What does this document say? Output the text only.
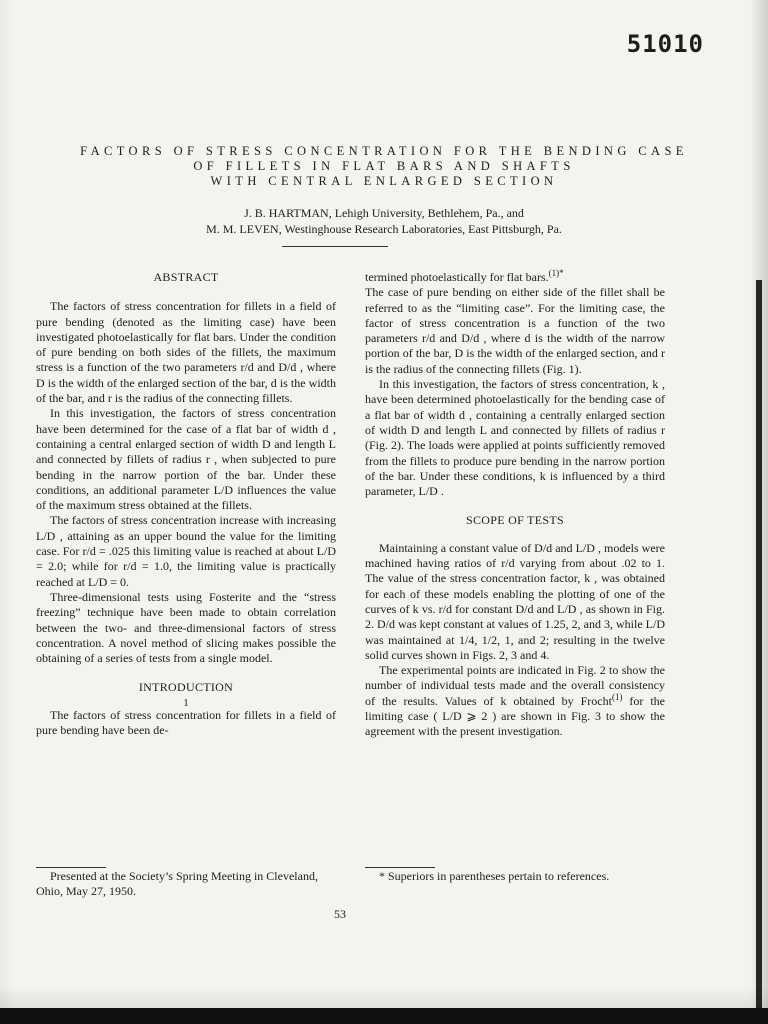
51010
FACTORS OF STRESS CONCENTRATION FOR THE BENDING CASE
OF FILLETS IN FLAT BARS AND SHAFTS
WITH CENTRAL ENLARGED SECTION
J. B. HARTMAN, Lehigh University, Bethlehem, Pa., and
M. M. LEVEN, Westinghouse Research Laboratories, East Pittsburgh, Pa.
ABSTRACT

The factors of stress concentration for fillets in a field of pure bending (denoted as the limiting case) have been investigated photoelastically for flat bars. Under the condition of pure bending on both sides of the fillets, the maximum stress is a function of the two parameters r/d and D/d , where D is the width of the enlarged section of the bar, d is the width of the bar, and r is the radius of the connecting fillets.

In this investigation, the factors of stress concentration have been determined for the case of a flat bar of width d , containing a central enlarged section of width D and length L and connected by fillets of radius r , when subjected to pure bending in the narrow portion of the bar. Under these conditions, an additional parameter L/D influences the value of the maximum stress obtained at the fillets.

The factors of stress concentration increase with increasing L/D , attaining as an upper bound the value for the limiting case. For r/d = .025 this limiting value is reached at about L/D = 2.0; while for r/d = 1.0, the limiting value is practically reached at L/D = 0.

Three-dimensional tests using Fosterite and the “stress freezing” technique have been made to obtain correlation between the two- and three-dimensional factors of stress concentration. A novel method of slicing makes possible the obtaining of a series of tests from a single model.

INTRODUCTION
1

The factors of stress concentration for fillets in a field of pure bending have been de-

termined photoelastically for flat bars.$^{(1)*}$

The case of pure bending on either side of the fillet shall be referred to as the “limiting case”. For the limiting case, the factor of stress concentration is a function of the two parameters r/d and D/d , where d is the width of the narrow portion of the bar, D is the width of the enlarged section, and r is the radius of the connecting fillets (Fig. 1).

In this investigation, the factors of stress concentration, k , have been determined photoelastically for the bending case of a flat bar of width d , containing a centrally enlarged section of width D and length L and connected by fillets of radius r (Fig. 2). The loads were applied at points sufficiently removed from the fillets to produce pure bending in the narrow portion of the bar. Under these conditions, k is influenced by a third parameter, L/D .

SCOPE OF TESTS

Maintaining a constant value of D/d and L/D , models were machined having ratios of r/d varying from about .02 to 1. The value of the stress concentration factor, k , was obtained for each of these models enabling the plotting of one of the curves of k vs. r/d for constant D/d and L/D , as shown in Fig. 2. D/d was kept constant at values of 1.25, 2, and 3, while L/D was maintained at 1/4, 1/2, 1, and 2; resulting in the twelve solid curves shown in Figs. 2, 3 and 4.

The experimental points are indicated in Fig. 2 to show the number of individual tests made and the overall consistency of the results. Values of k obtained by Frocht$^{(1)}$ for the limiting case ( L/D ⩾ 2 ) are shown in Fig. 3 to show the agreement with the present investigation.

Presented at the Society’s Spring Meeting in Cleveland, Ohio, May 27, 1950.

* Superiors in parentheses pertain to references.

53
